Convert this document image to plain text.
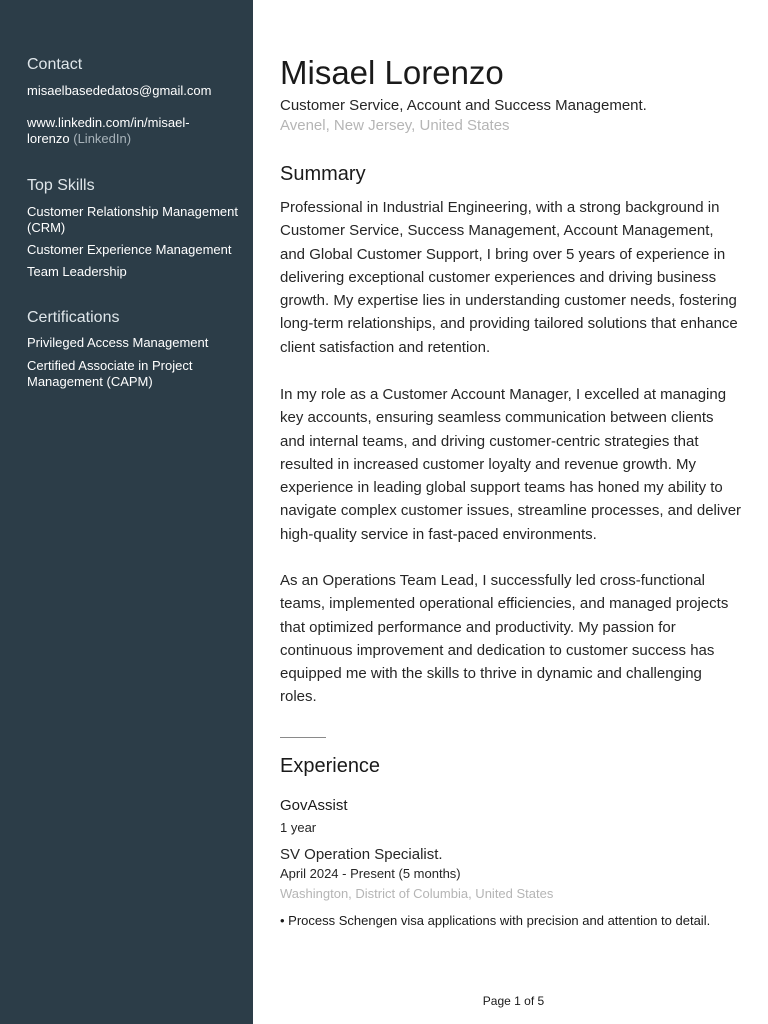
Contact
misaelbasededatos@gmail.com
www.linkedin.com/in/misael-
lorenzo (LinkedIn)
Top Skills
Customer Relationship Management (CRM)
Customer Experience Management
Team Leadership
Certifications
Privileged Access Management
Certified Associate in Project Management (CAPM)
Misael Lorenzo
Customer Service, Account and Success Management.
Avenel, New Jersey, United States
Summary
Professional in Industrial Engineering, with a strong background in Customer Service, Success Management, Account Management, and Global Customer Support, I bring over 5 years of experience in delivering exceptional customer experiences and driving business growth. My expertise lies in understanding customer needs, fostering long-term relationships, and providing tailored solutions that enhance client satisfaction and retention.
In my role as a Customer Account Manager, I excelled at managing key accounts, ensuring seamless communication between clients and internal teams, and driving customer-centric strategies that resulted in increased customer loyalty and revenue growth. My experience in leading global support teams has honed my ability to navigate complex customer issues, streamline processes, and deliver high-quality service in fast-paced environments.
As an Operations Team Lead, I successfully led cross-functional teams, implemented operational efficiencies, and managed projects that optimized performance and productivity. My passion for continuous improvement and dedication to customer success has equipped me with the skills to thrive in dynamic and challenging roles.
Experience
GovAssist
1 year
SV Operation Specialist.
April 2024 - Present (5 months)
Washington, District of Columbia, United States
• Process Schengen visa applications with precision and attention to detail.
Page 1 of 5
